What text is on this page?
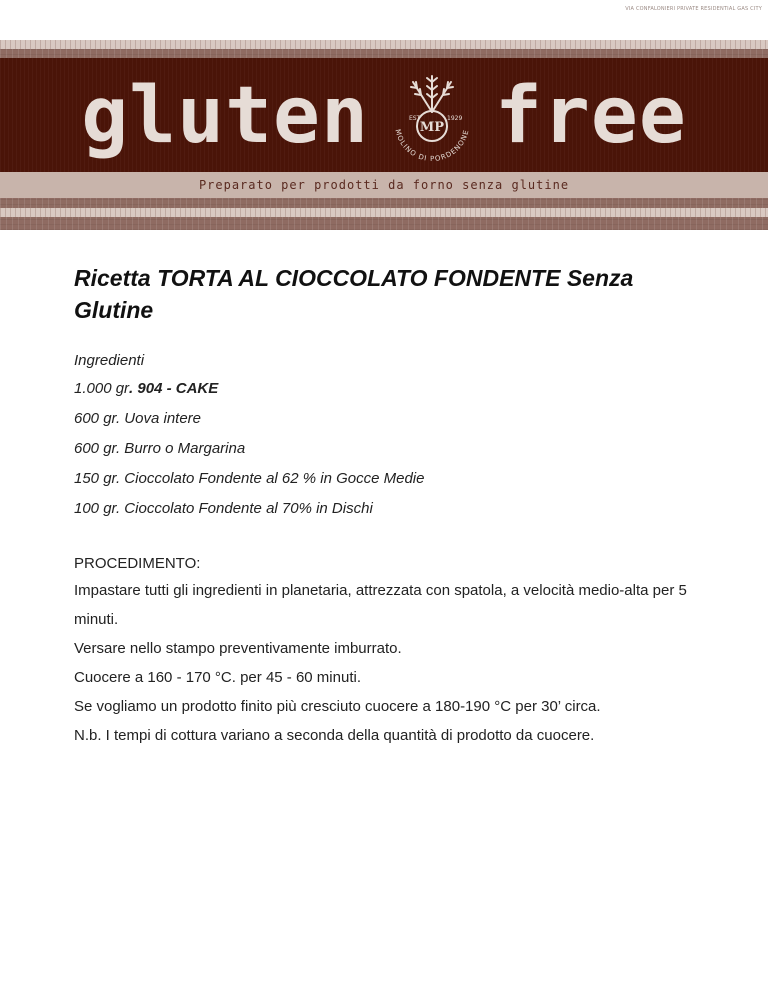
VIA CONFALONIERI PRIVATE RESIDENTIAL GAS CITY
gluten	EST	1929
MP
MOLINO DI PORDENONE free
Preparato per prodotti da forno senza glutine
Ricetta TORTA AL CIOCCOLATO FONDENTE Senza Glutine
Ingredienti
1.000 gr. 904 - CAKE
600 gr. Uova intere
600 gr. Burro o Margarina
150 gr. Cioccolato Fondente al 62 % in Gocce Medie
100 gr. Cioccolato Fondente al 70% in Dischi
PROCEDIMENTO:
Impastare tutti gli ingredienti in planetaria, attrezzata con spatola, a velocità medio-alta per 5 minuti.
Versare nello stampo preventivamente imburrato.
Cuocere a 160 - 170 °C. per 45 - 60 minuti.
Se vogliamo un prodotto finito più cresciuto cuocere a 180-190 °C per 30’ circa.
N.b. I tempi di cottura variano a seconda della quantità di prodotto da cuocere.
